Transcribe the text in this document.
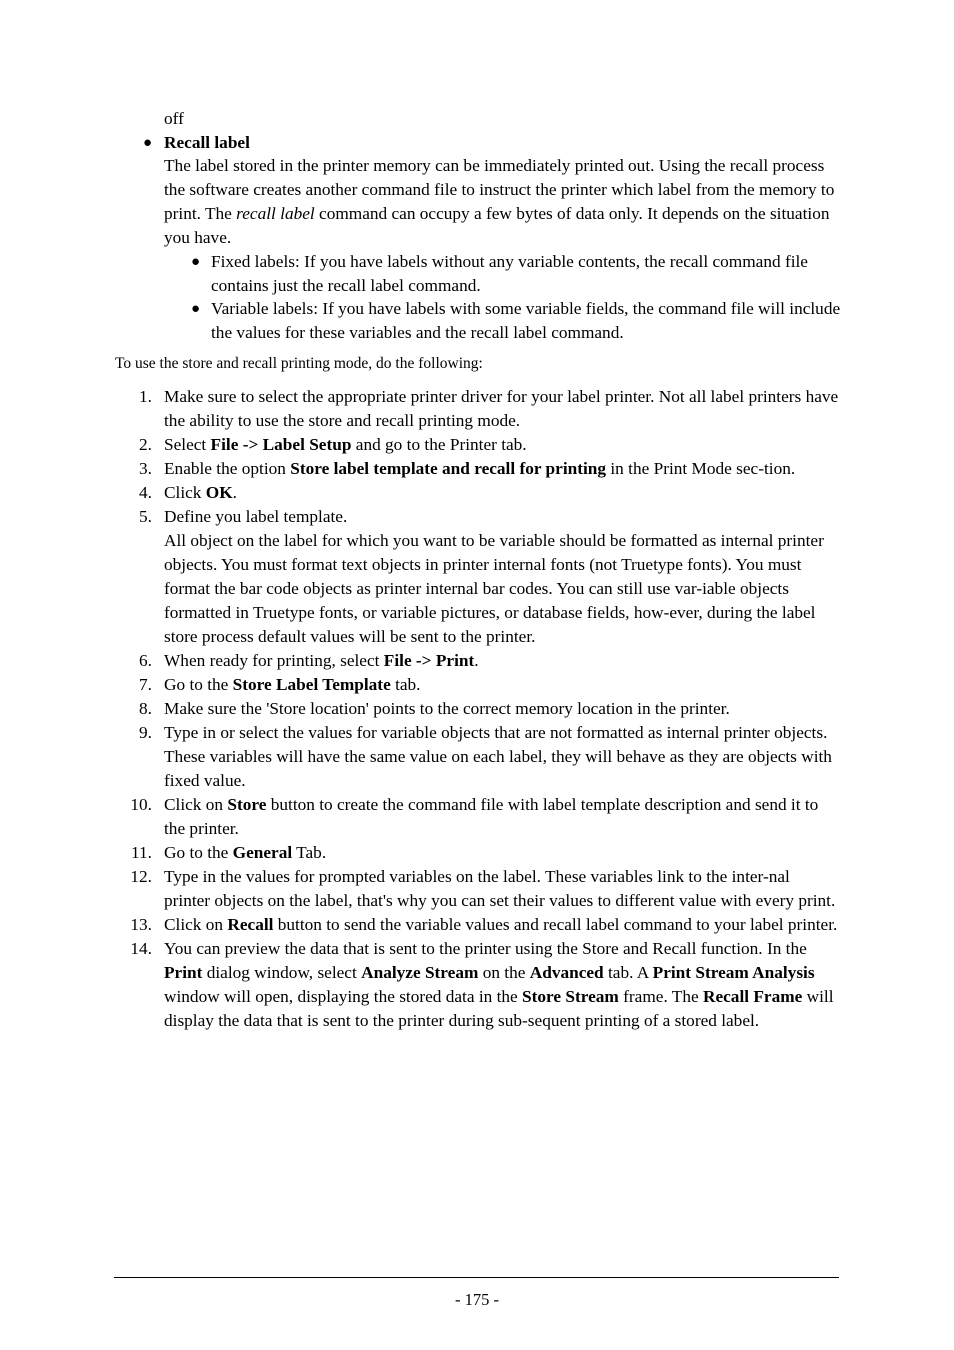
off
● Recall label
The label stored in the printer memory can be immediately printed out. Using the recall process the software creates another command file to instruct the printer which label from the memory to print. The recall label command can occupy a few bytes of data only. It depends on the situation you have.
● Fixed labels: If you have labels without any variable contents, the recall command file contains just the recall label command.
● Variable labels: If you have labels with some variable fields, the command file will include the values for these variables and the recall label command.
To use the store and recall printing mode, do the following:
1. Make sure to select the appropriate printer driver for your label printer. Not all label printers have the ability to use the store and recall printing mode.
2. Select File -> Label Setup and go to the Printer tab.
3. Enable the option Store label template and recall for printing in the Print Mode sec-tion.
4. Click OK.
5. Define you label template.
All object on the label for which you want to be variable should be formatted as internal printer objects. You must format text objects in printer internal fonts (not Truetype fonts). You must format the bar code objects as printer internal bar codes. You can still use var-iable objects formatted in Truetype fonts, or variable pictures, or database fields, how-ever, during the label store process default values will be sent to the printer.
6. When ready for printing, select File -> Print.
7. Go to the Store Label Template tab.
8. Make sure the 'Store location' points to the correct memory location in the printer.
9. Type in or select the values for variable objects that are not formatted as internal printer objects. These variables will have the same value on each label, they will behave as they are objects with fixed value.
10. Click on Store button to create the command file with label template description and send it to the printer.
11. Go to the General Tab.
12. Type in the values for prompted variables on the label. These variables link to the inter-nal printer objects on the label, that's why you can set their values to different value with every print.
13. Click on Recall button to send the variable values and recall label command to your label printer.
14. You can preview the data that is sent to the printer using the Store and Recall function. In the Print dialog window, select Analyze Stream on the Advanced tab. A Print Stream Analysis window will open, displaying the stored data in the Store Stream frame. The Recall Frame will display the data that is sent to the printer during sub-sequent printing of a stored label.
- 175 -
